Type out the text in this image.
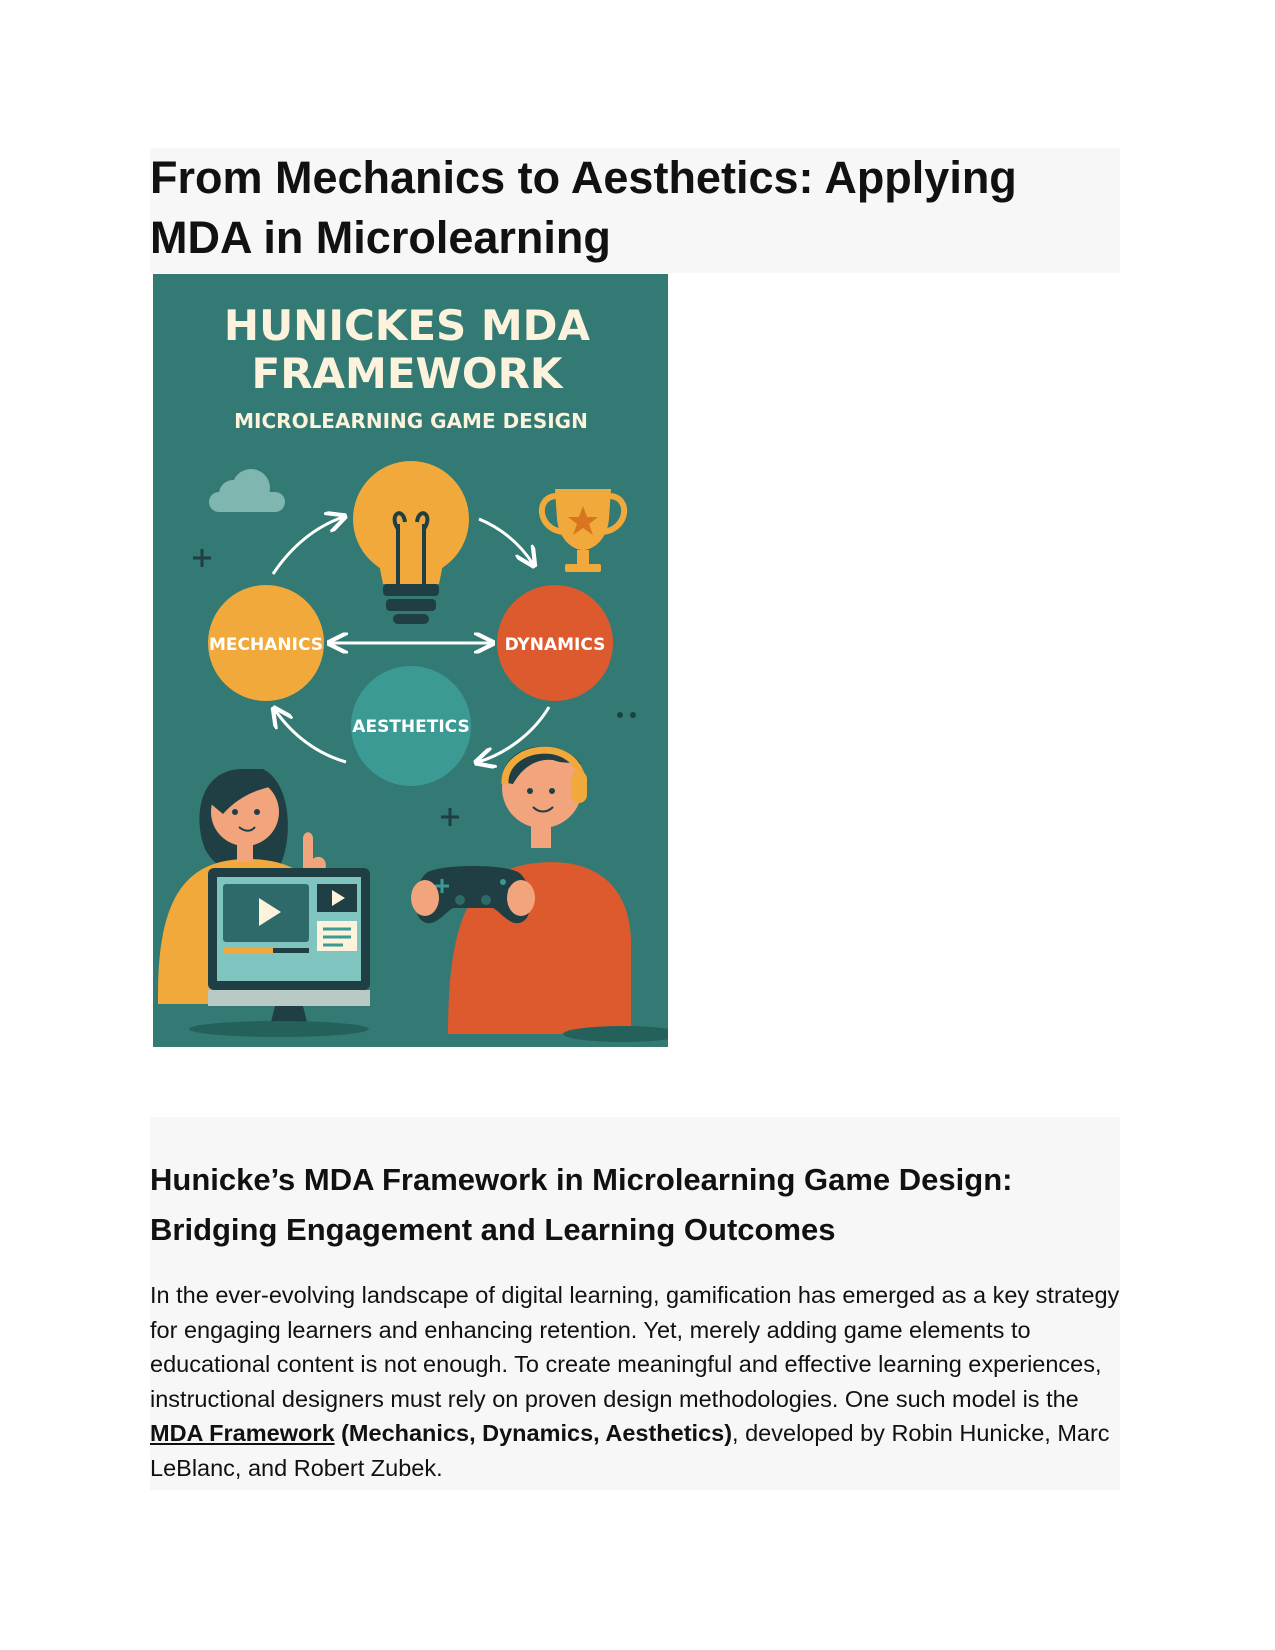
From Mechanics to Aesthetics: Applying MDA in Microlearning
HUNICKES MDA
FRAMEWORK
MICROLEARNING GAME DESIGN
MECHANICS	DYNAMICS
AESTHETICS
Hunicke’s MDA Framework in Microlearning Game Design: Bridging Engagement and Learning Outcomes

In the ever-evolving landscape of digital learning, gamification has emerged as a key strategy for engaging learners and enhancing retention. Yet, merely adding game elements to educational content is not enough. To create meaningful and effective learning experiences, instructional designers must rely on proven design methodologies. One such model is the MDA Framework (Mechanics, Dynamics, Aesthetics), developed by Robin Hunicke, Marc LeBlanc, and Robert Zubek.
